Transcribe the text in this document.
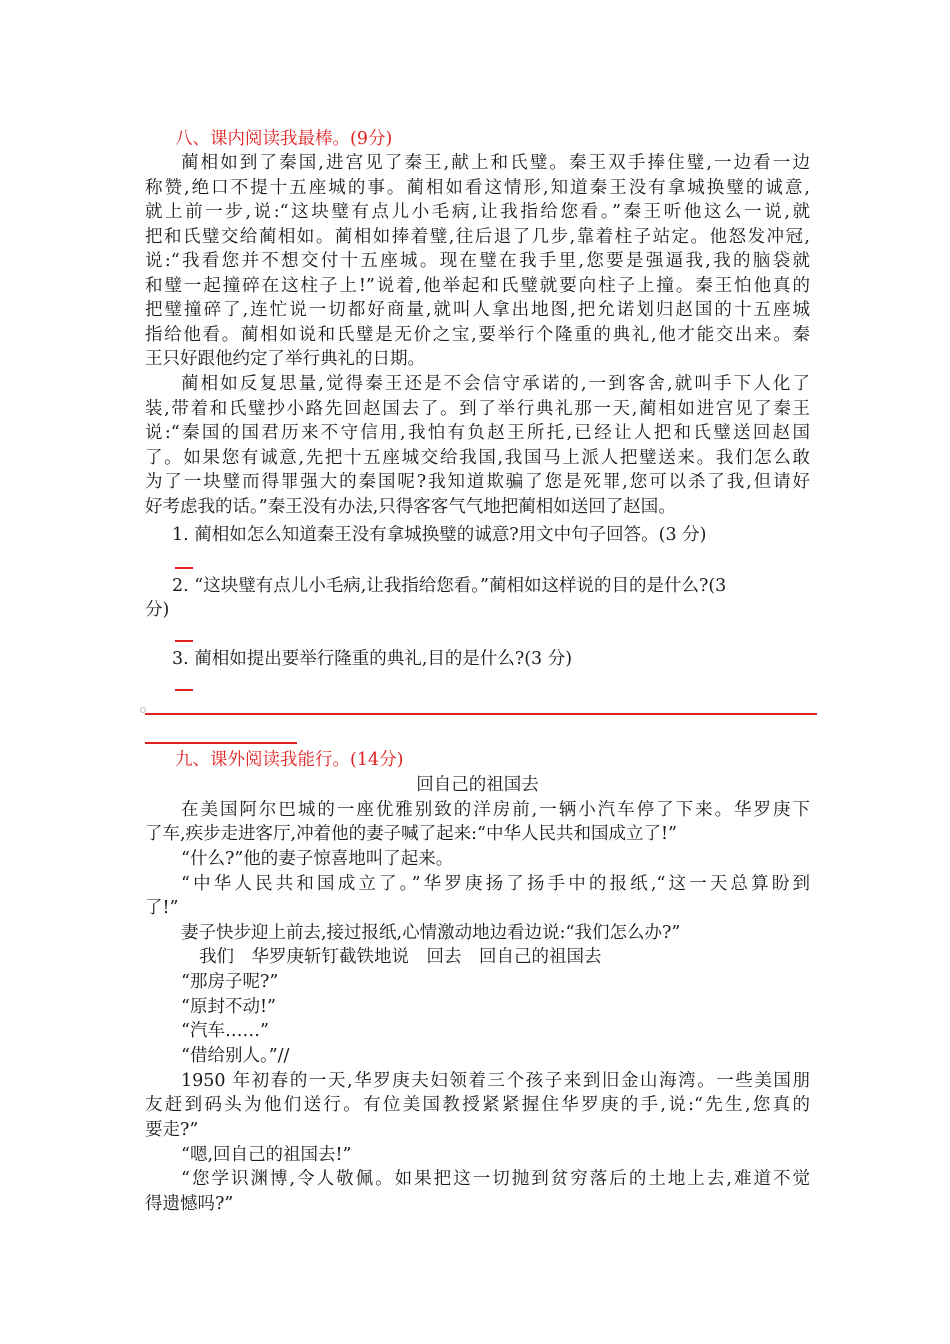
八、课内阅读我最棒。(9分)
蔺相如到了秦国,进宫见了秦王,献上和氏璧。秦王双手捧住璧,一边看一边
称赞,绝口不提十五座城的事。蔺相如看这情形,知道秦王没有拿城换璧的诚意,
就上前一步,说:“这块璧有点儿小毛病,让我指给您看。”秦王听他这么一说,就
把和氏璧交给蔺相如。蔺相如捧着璧,往后退了几步,靠着柱子站定。他怒发冲冠,
说:“我看您并不想交付十五座城。现在璧在我手里,您要是强逼我,我的脑袋就
和璧一起撞碎在这柱子上!”说着,他举起和氏璧就要向柱子上撞。秦王怕他真的
把璧撞碎了,连忙说一切都好商量,就叫人拿出地图,把允诺划归赵国的十五座城
指给他看。蔺相如说和氏璧是无价之宝,要举行个隆重的典礼,他才能交出来。秦
王只好跟他约定了举行典礼的日期。
蔺相如反复思量,觉得秦王还是不会信守承诺的,一到客舍,就叫手下人化了
装,带着和氏璧抄小路先回赵国去了。到了举行典礼那一天,蔺相如进宫见了秦王
说:“秦国的国君历来不守信用,我怕有负赵王所托,已经让人把和氏璧送回赵国
了。如果您有诚意,先把十五座城交给我国,我国马上派人把璧送来。我们怎么敢
为了一块璧而得罪强大的秦国呢?我知道欺骗了您是死罪,您可以杀了我,但请好
好考虑我的话。”秦王没有办法,只得客客气气地把蔺相如送回了赵国。
1. 蔺相如怎么知道秦王没有拿城换璧的诚意?用文中句子回答。(3 分)
2. “这块璧有点儿小毛病,让我指给您看。”蔺相如这样说的目的是什么?(3
分)
3. 蔺相如提出要举行隆重的典礼,目的是什么?(3 分)
九、课外阅读我能行。(14分)
回自己的祖国去
在美国阿尔巴城的一座优雅别致的洋房前,一辆小汽车停了下来。华罗庚下
了车,疾步走进客厅,冲着他的妻子喊了起来:“中华人民共和国成立了!”
“什么?”他的妻子惊喜地叫了起来。
“中华人民共和国成立了。”华罗庚扬了扬手中的报纸,“这一天总算盼到
了!”
妻子快步迎上前去,接过报纸,心情激动地边看边说:“我们怎么办?”
我们　华罗庚斩钉截铁地说　回去　回自己的祖国去
“那房子呢?”
“原封不动!”
“汽车……”
“借给别人。”//
1950 年初春的一天,华罗庚夫妇领着三个孩子来到旧金山海湾。一些美国朋
友赶到码头为他们送行。有位美国教授紧紧握住华罗庚的手,说:“先生,您真的
要走?”
“嗯,回自己的祖国去!”
“您学识渊博,令人敬佩。如果把这一切抛到贫穷落后的土地上去,难道不觉
得遗憾吗?”
